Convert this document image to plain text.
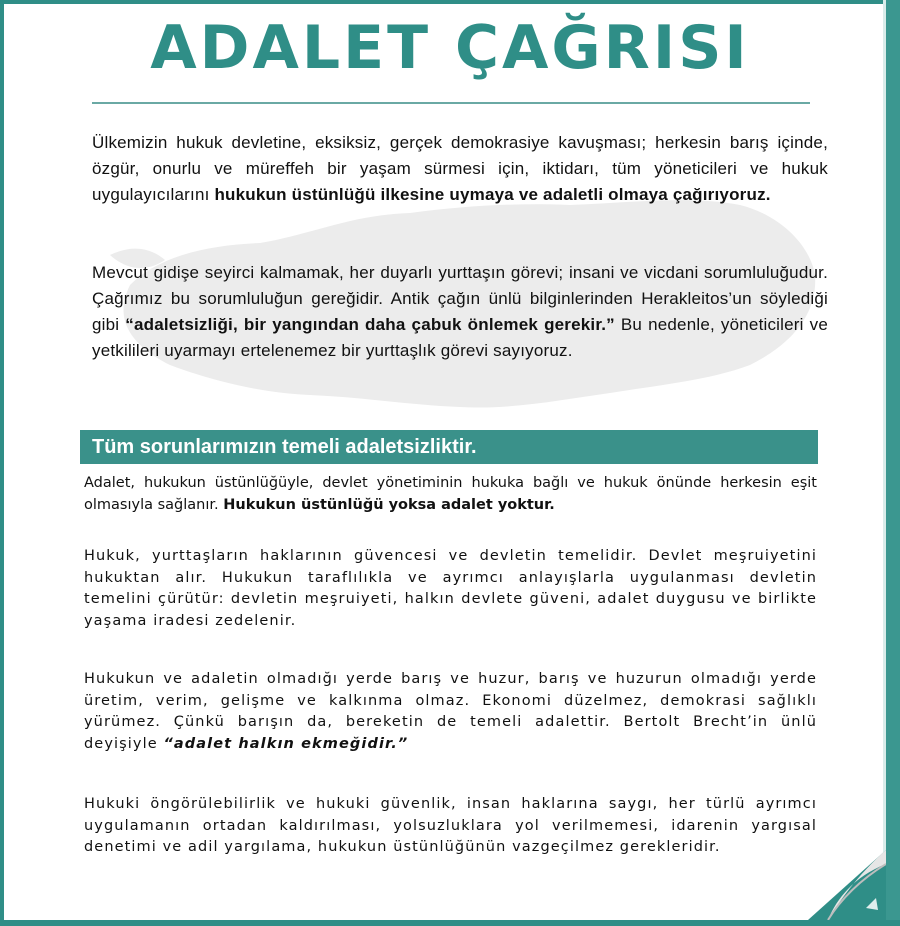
ADALET ÇAĞRISI
Ülkemizin hukuk devletine, eksiksiz, gerçek demokrasiye kavuşması; herkesin barış içinde, özgür, onurlu ve müreffeh bir yaşam sürmesi için, iktidarı, tüm yöneticileri ve hukuk uygulayıcılarını hukukun üstünlüğü ilkesine uymaya ve adaletli olmaya çağırıyoruz.
Mevcut gidişe seyirci kalmamak, her duyarlı yurttaşın görevi; insani ve vicdani sorumluluğudur. Çağrımız bu sorumluluğun gereğidir. Antik çağın ünlü bilginlerinden Herakleitos’un söylediği gibi “adaletsizliği, bir yangından daha çabuk önlemek gerekir.” Bu nedenle, yöneticileri ve yetkilileri uyarmayı ertelenemez bir yurttaşlık görevi sayıyoruz.
Tüm sorunlarımızın temeli adaletsizliktir.
Adalet, hukukun üstünlüğüyle, devlet yönetiminin hukuka bağlı ve hukuk önünde herkesin eşit olmasıyla sağlanır. Hukukun üstünlüğü yoksa adalet yoktur.
Hukuk, yurttaşların haklarının güvencesi ve devletin temelidir. Devlet meşruiyetini hukuktan alır. Hukukun taraflılıkla ve ayrımcı anlayışlarla uygulanması devletin temelini çürütür: devletin meşruiyeti, halkın devlete güveni, adalet duygusu ve birlikte yaşama iradesi zedelenir.
Hukukun ve adaletin olmadığı yerde barış ve huzur, barış ve huzurun olmadığı yerde üretim, verim, gelişme ve kalkınma olmaz. Ekonomi düzelmez, demokrasi sağlıklı yürümez. Çünkü barışın da, bereketin de temeli adalettir. Bertolt Brecht’in ünlü deyişiyle “adalet halkın ekmeğidir.”
Hukuki öngörülebilirlik ve hukuki güvenlik, insan haklarına saygı, her türlü ayrımcı uygulamanın ortadan kaldırılması, yolsuzluklara yol verilmemesi, idarenin yargısal denetimi ve adil yargılama, hukukun üstünlüğünün vazgeçilmez gerekleridir.
